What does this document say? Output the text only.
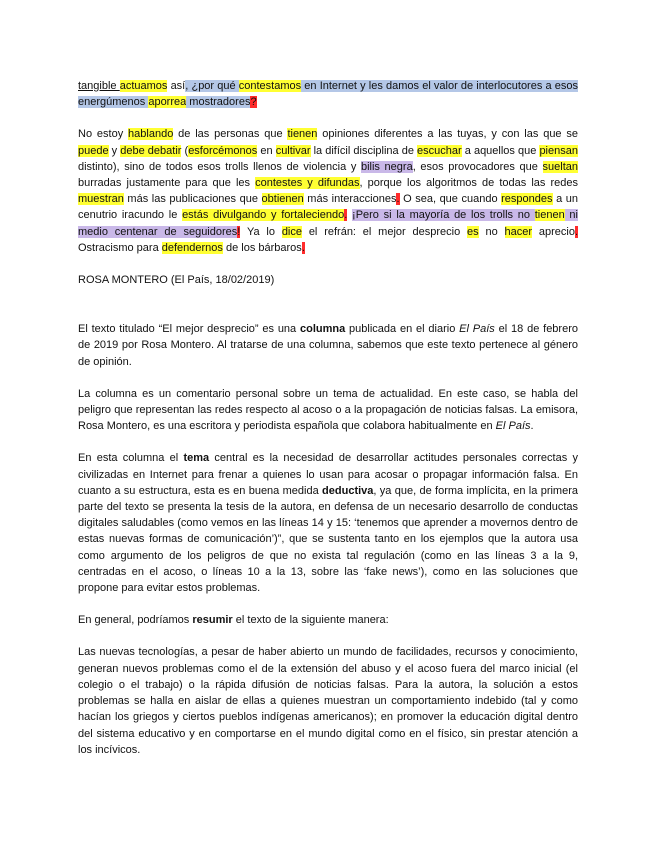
tangible actuamos así, ¿por qué contestamos en Internet y les damos el valor de interlocutores a esos energúmenos aporrea mostradores?

No estoy hablando de las personas que tienen opiniones diferentes a las tuyas, y con las que se puede y debe debatir (esforcémonos en cultivar la difícil disciplina de escuchar a aquellos que piensan distinto), sino de todos esos trolls llenos de violencia y bilis negra, esos provocadores que sueltan burradas justamente para que les contestes y difundas, porque los algoritmos de todas las redes muestran más las publicaciones que obtienen más interacciones. O sea, que cuando respondes a un cenutrio iracundo le estás divulgando y fortaleciendo. ¡Pero si la mayoría de los trolls no tienen ni medio centenar de seguidores! Ya lo dice el refrán: el mejor desprecio es no hacer aprecio. Ostracismo para defendernos de los bárbaros.

ROSA MONTERO (El País, 18/02/2019)

El texto titulado “El mejor desprecio” es una columna publicada en el diario El País el 18 de febrero de 2019 por Rosa Montero. Al tratarse de una columna, sabemos que este texto pertenece al género de opinión.

La columna es un comentario personal sobre un tema de actualidad. En este caso, se habla del peligro que representan las redes respecto al acoso o a la propagación de noticias falsas. La emisora, Rosa Montero, es una escritora y periodista española que colabora habitualmente en El País.

En esta columna el tema central es la necesidad de desarrollar actitudes personales correctas y civilizadas en Internet para frenar a quienes lo usan para acosar o propagar información falsa. En cuanto a su estructura, esta es en buena medida deductiva, ya que, de forma implícita, en la primera parte del texto se presenta la tesis de la autora, en defensa de un necesario desarrollo de conductas digitales saludables (como vemos en las líneas 14 y 15: ‘tenemos que aprender a movernos dentro de estas nuevas formas de comunicación’)”, que se sustenta tanto en los ejemplos que la autora usa como argumento de los peligros de que no exista tal regulación (como en las líneas 3 a la 9, centradas en el acoso, o líneas 10 a la 13, sobre las ‘fake news’), como en las soluciones que propone para evitar estos problemas.

En general, podríamos resumir el texto de la siguiente manera:

Las nuevas tecnologías, a pesar de haber abierto un mundo de facilidades, recursos y conocimiento, generan nuevos problemas como el de la extensión del abuso y el acoso fuera del marco inicial (el colegio o el trabajo) o la rápida difusión de noticias falsas. Para la autora, la solución a estos problemas se halla en aislar de ellas a quienes muestran un comportamiento indebido (tal y como hacían los griegos y ciertos pueblos indígenas americanos); en promover la educación digital dentro del sistema educativo y en comportarse en el mundo digital como en el físico, sin prestar atención a los incívicos.
